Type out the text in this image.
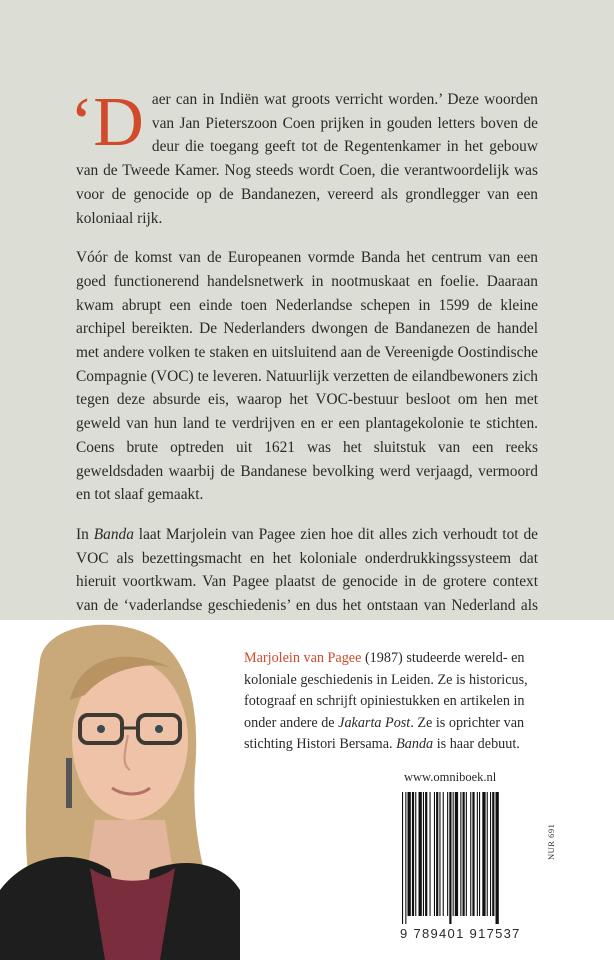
‘Daer can in Indiën wat groots verricht worden.’ Deze woorden van Jan Pieterszoon Coen prijken in gouden letters boven de deur die toegang geeft tot de Regentenkamer in het gebouw van de Tweede Kamer. Nog steeds wordt Coen, die verantwoordelijk was voor de genocide op de Bandanezen, vereerd als grondlegger van een koloniaal rijk.

Vóór de komst van de Europeanen vormde Banda het centrum van een goed functionerend handelsnetwerk in nootmuskaat en foelie. Daaraan kwam abrupt een einde toen Nederlandse schepen in 1599 de kleine archipel bereikten. De Nederlanders dwongen de Bandanezen de handel met andere volken te staken en uitsluitend aan de Vereenigde Oostindische Compagnie (VOC) te leveren. Natuurlijk verzetten de eilandbewoners zich tegen deze absurde eis, waarop het VOC-bestuur besloot om hen met geweld van hun land te verdrijven en er een plantagekolonie te stichten. Coens brute optreden uit 1621 was het sluitstuk van een reeks geweldsdaden waarbij de Bandanese bevolking werd verjaagd, vermoord en tot slaaf gemaakt.

In Banda laat Marjolein van Pagee zien hoe dit alles zich verhoudt tot de VOC als bezettingsmacht en het koloniale onderdrukkingssysteem dat hieruit voortkwam. Van Pagee plaatst de genocide in de grotere context van de ‘vaderlandse geschiedenis’ en dus het ontstaan van Nederland als

Marjolein van Pagee (1987) studeerde wereld- en koloniale geschiedenis in Leiden. Ze is historicus, fotograaf en schrijft opiniestukken en artikelen in onder andere de Jakarta Post. Ze is oprichter van stichting Histori Bersama. Banda is haar debuut.
www.omniboek.nl
NUR 691
9 789401 917537
